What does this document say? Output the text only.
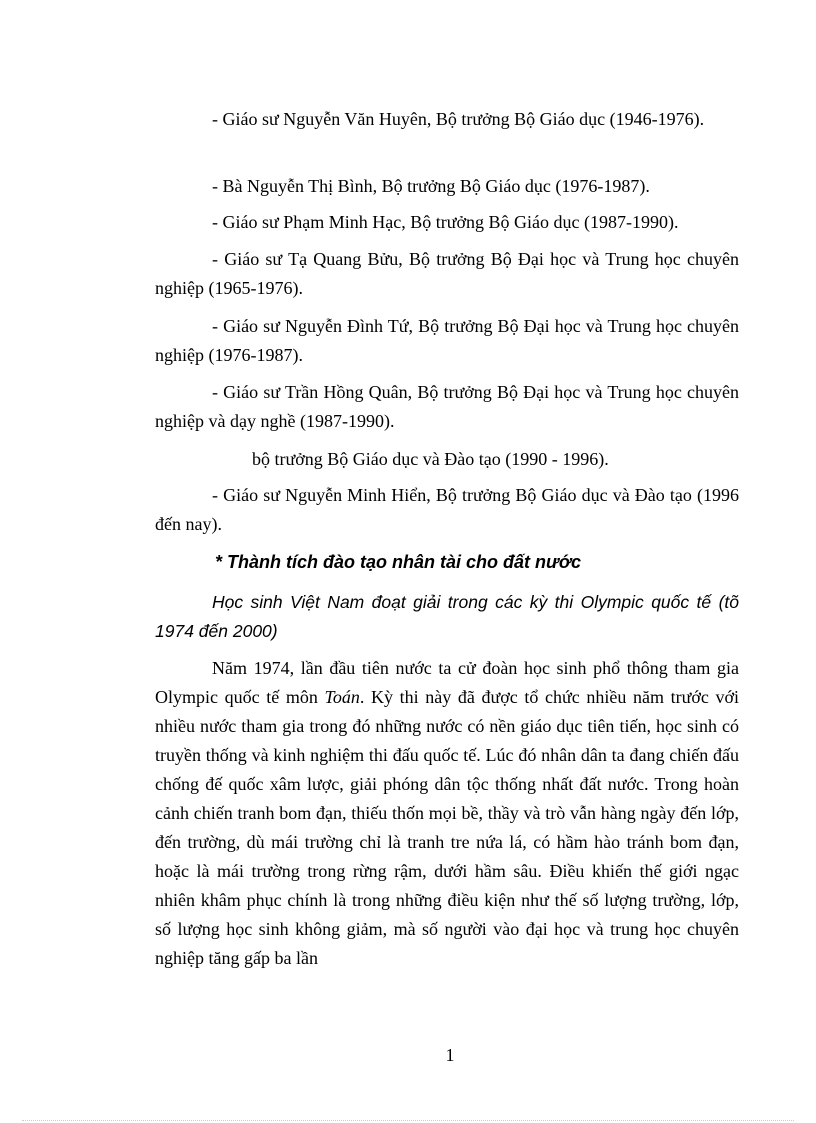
- Giáo sư Nguyễn Văn Huyên, Bộ trưởng Bộ Giáo dục (1946-1976).

- Bà Nguyễn Thị Bình, Bộ trưởng Bộ Giáo dục (1976-1987).

- Giáo sư Phạm Minh Hạc, Bộ trưởng Bộ Giáo dục (1987-1990).

- Giáo sư Tạ Quang Bửu, Bộ trưởng Bộ Đại học và Trung học chuyên nghiệp (1965-1976).

- Giáo sư Nguyễn Đình Tứ, Bộ trưởng Bộ Đại học và Trung học chuyên nghiệp (1976-1987).

- Giáo sư Trần Hồng Quân, Bộ trưởng Bộ Đại học và Trung học chuyên nghiệp và dạy nghề (1987-1990).

bộ trưởng Bộ Giáo dục và Đào tạo (1990 - 1996).

- Giáo sư Nguyễn Minh Hiển, Bộ trưởng Bộ Giáo dục và Đào tạo (1996 đến nay).

* Thành tích đào tạo nhân tài cho đất nước

Học sinh Việt Nam đoạt giải trong các kỳ thi Olympic quốc tế (tõ 1974 đến 2000)

Năm 1974, lần đầu tiên nước ta cử đoàn học sinh phổ thông tham gia Olympic quốc tế môn Toán. Kỳ thi này đã được tổ chức nhiều năm trước với nhiều nước tham gia trong đó những nước có nền giáo dục tiên tiến, học sinh có truyền thống và kinh nghiệm thi đấu quốc tế. Lúc đó nhân dân ta đang chiến đấu chống đế quốc xâm lược, giải phóng dân tộc thống nhất đất nước. Trong hoàn cảnh chiến tranh bom đạn, thiếu thốn mọi bề, thầy và trò vẫn hàng ngày đến lớp, đến trường, dù mái trường chỉ là tranh tre nứa lá, có hầm hào tránh bom đạn, hoặc là mái trường trong rừng rậm, dưới hầm sâu. Điều khiến thế giới ngạc nhiên khâm phục chính là trong những điều kiện như thế số lượng trường, lớp, số lượng học sinh không giảm, mà số người vào đại học và trung học chuyên nghiệp tăng gấp ba lần

1
